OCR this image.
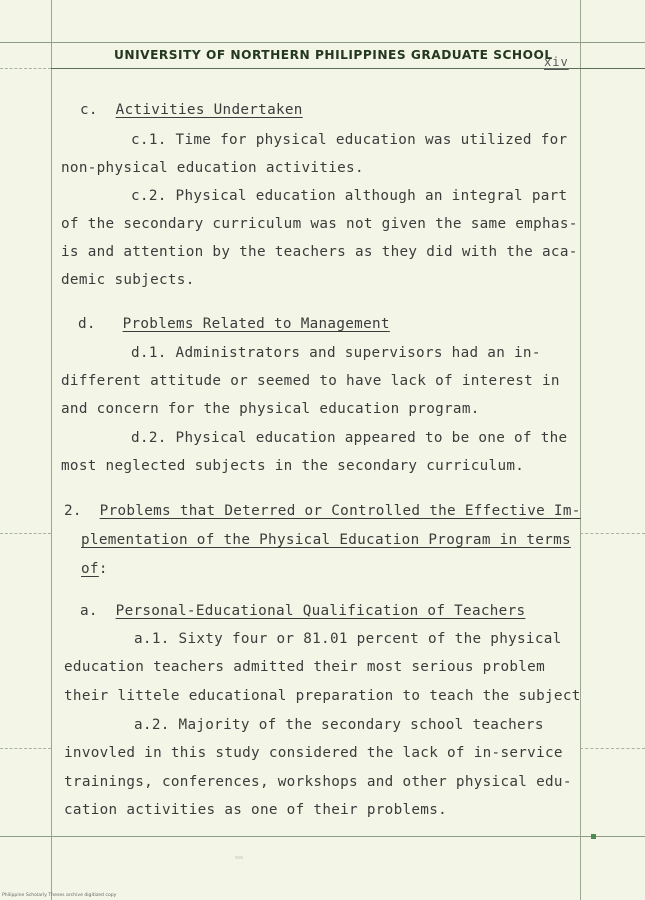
UNIVERSITY OF NORTHERN PHILIPPINES GRADUATE SCHOOL
xiv
c. Activities Undertaken
c.1. Time for physical education was utilized for
non-physical education activities.
c.2. Physical education although an integral part
of the secondary curriculum was not given the same emphas-
is and attention by the teachers as they did with the aca-
demic subjects.
d. Problems Related to Management
d.1. Administrators and supervisors had an in-
different attitude or seemed to have lack of interest in
and concern for the physical education program.
d.2. Physical education appeared to be one of the
most neglected subjects in the secondary curriculum.
2. Problems that Deterred or Controlled the Effective Im-
plementation of the Physical Education Program in terms
of:
a. Personal-Educational Qualification of Teachers
a.1. Sixty four or 81.01 percent of the physical
education teachers admitted their most serious problem
their littele educational preparation to teach the subject
a.2. Majority of the secondary school teachers
invovled in this study considered the lack of in-service
trainings, conferences, workshops and other physical edu-
cation activities as one of their problems.
Philippine Scholarly Theses archive digitized copy
